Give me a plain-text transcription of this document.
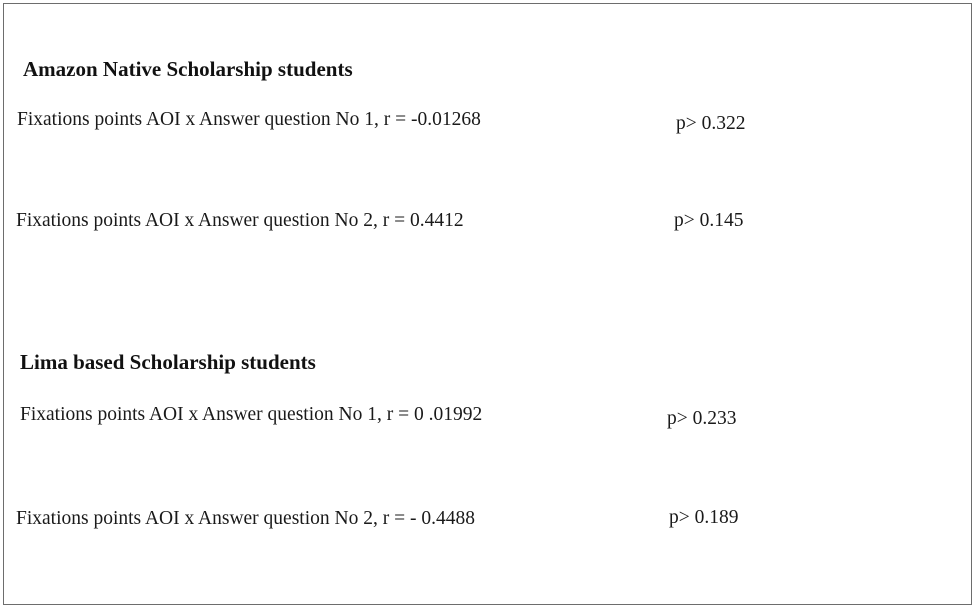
Amazon Native Scholarship students
Fixations points AOI x Answer question No 1, r = -0.01268	p> 0.322
Fixations points AOI x Answer question No 2, r = 0.4412	p> 0.145
Lima based Scholarship students
Fixations points AOI x Answer question No 1, r = 0 .01992	p> 0.233
Fixations points AOI x Answer question No 2, r = - 0.4488	p> 0.189
